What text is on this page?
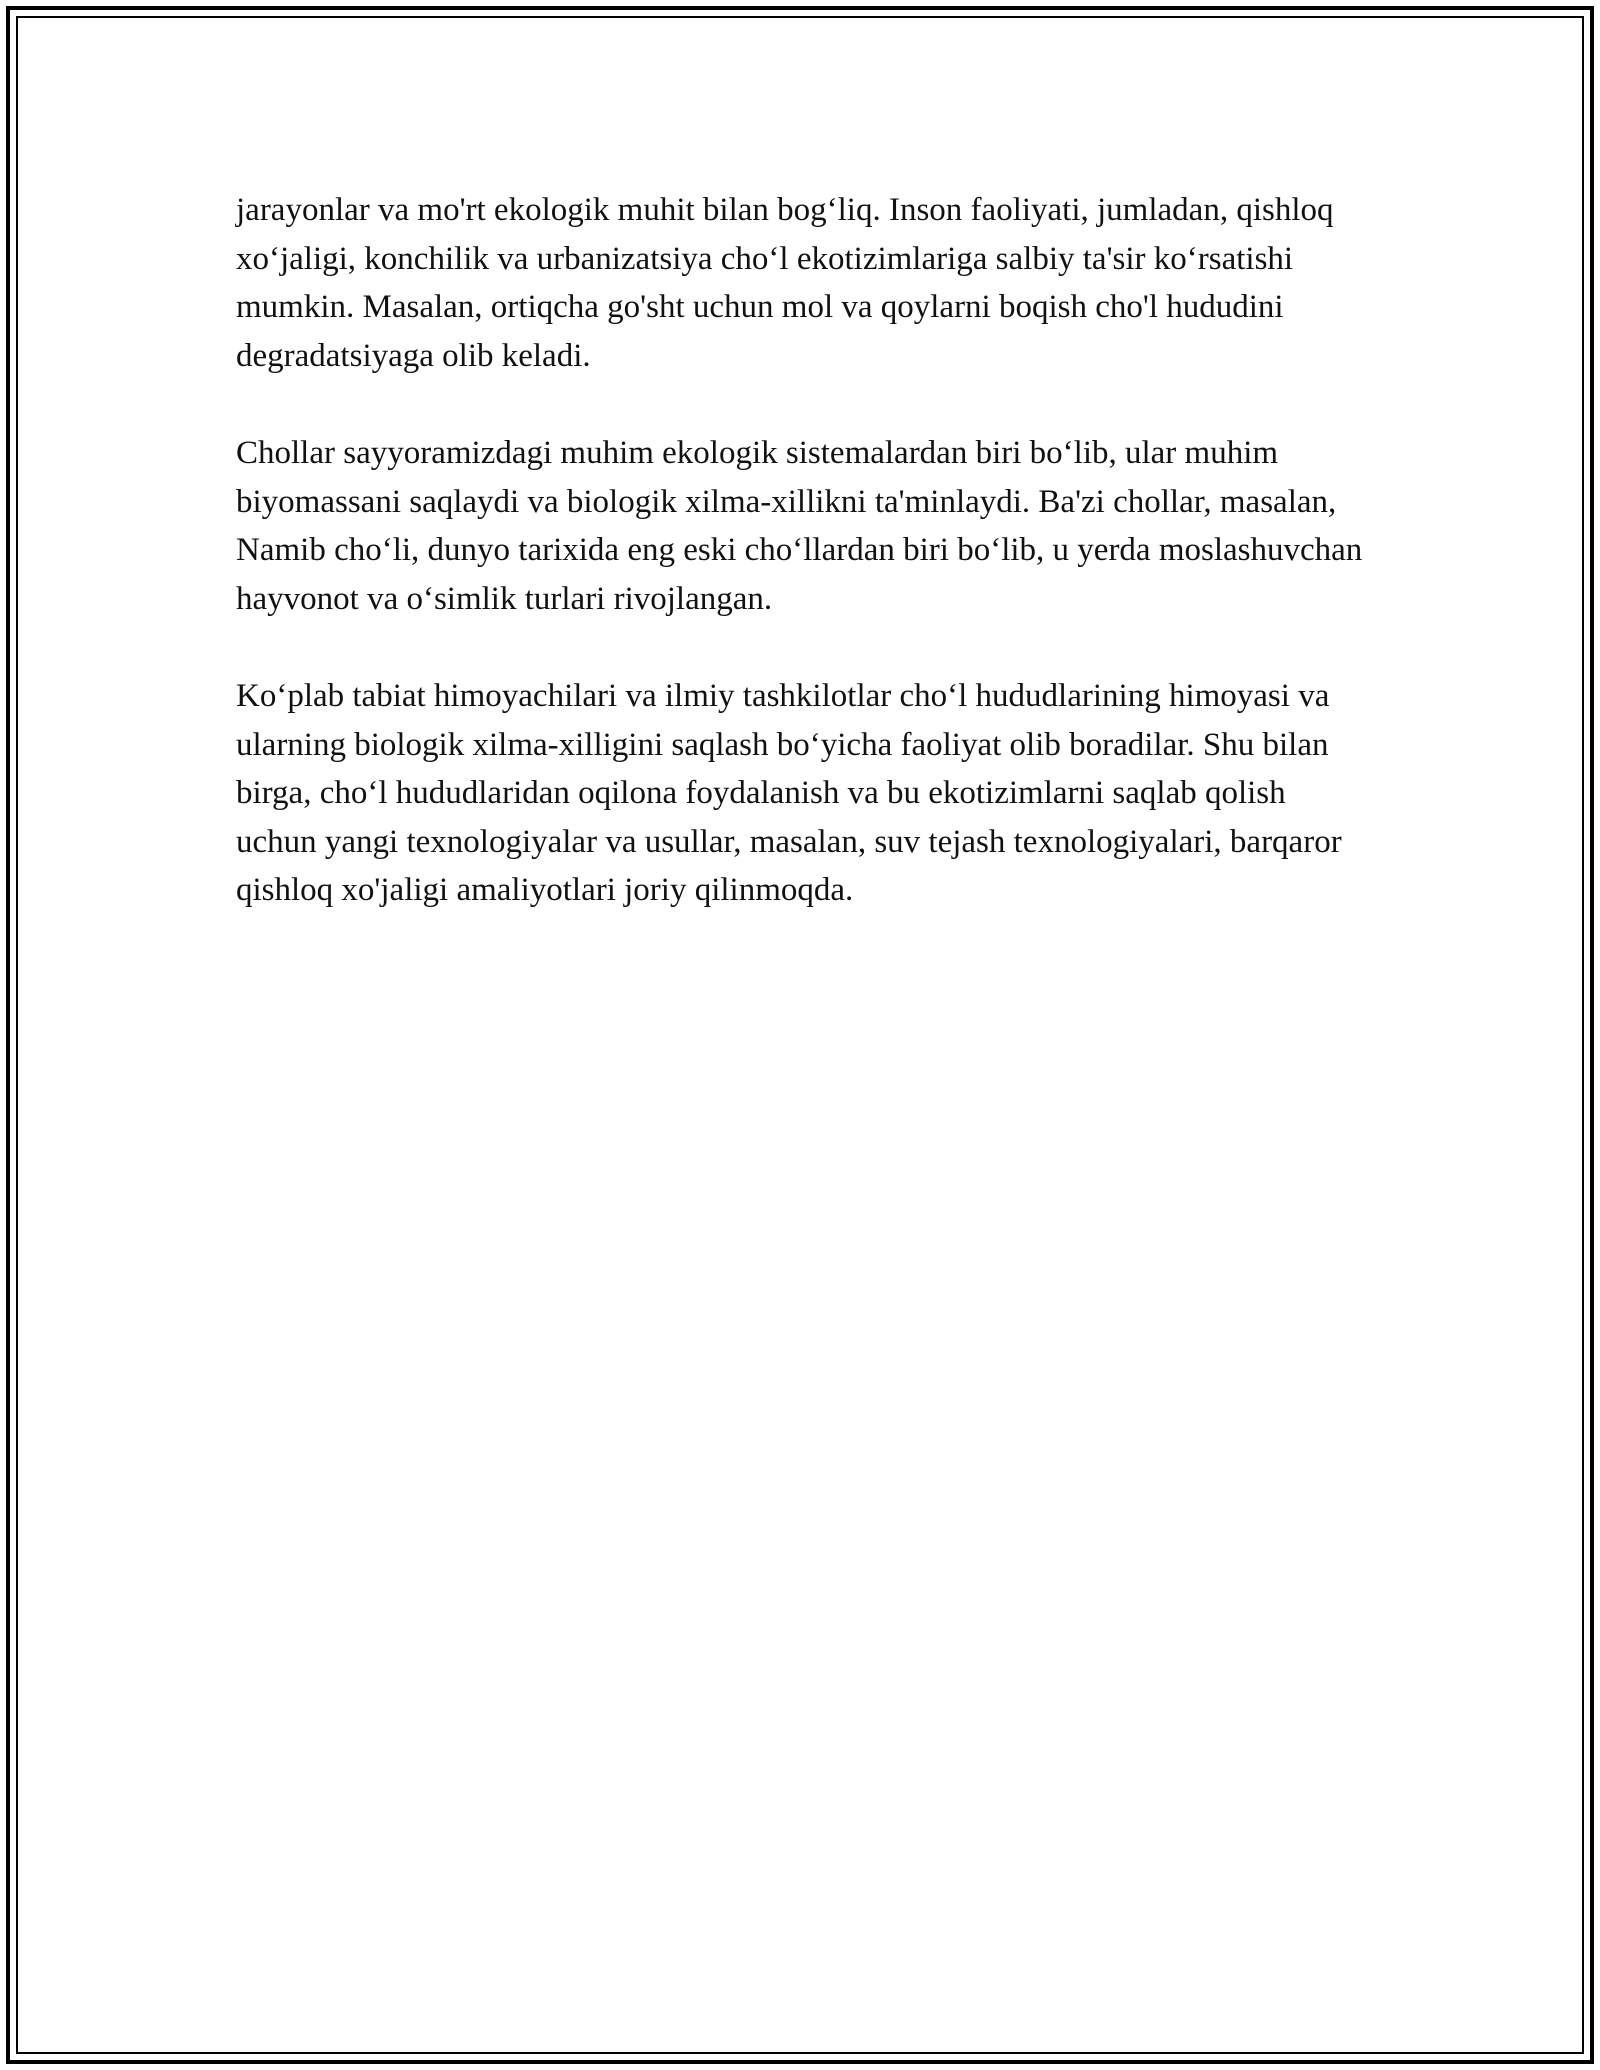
jarayonlar va mo'rt ekologik muhit bilan bog‘liq. Inson faoliyati, jumladan, qishloq xo‘jaligi, konchilik va urbanizatsiya cho‘l ekotizimlariga salbiy ta'sir ko‘rsatishi mumkin. Masalan, ortiqcha go'sht uchun mol va qoylarni boqish cho'l hududini degradatsiyaga olib keladi.

Chollar sayyoramizdagi muhim ekologik sistemalardan biri bo‘lib, ular muhim biyomassani saqlaydi va biologik xilma-xillikni ta'minlaydi. Ba'zi chollar, masalan, Namib cho‘li, dunyo tarixida eng eski cho‘llardan biri bo‘lib, u yerda moslashuvchan hayvonot va o‘simlik turlari rivojlangan.

Ko‘plab tabiat himoyachilari va ilmiy tashkilotlar cho‘l hududlarining himoyasi va ularning biologik xilma-xilligini saqlash bo‘yicha faoliyat olib boradilar. Shu bilan birga, cho‘l hududlaridan oqilona foydalanish va bu ekotizimlarni saqlab qolish uchun yangi texnologiyalar va usullar, masalan, suv tejash texnologiyalari, barqaror qishloq xo'jaligi amaliyotlari joriy qilinmoqda.
